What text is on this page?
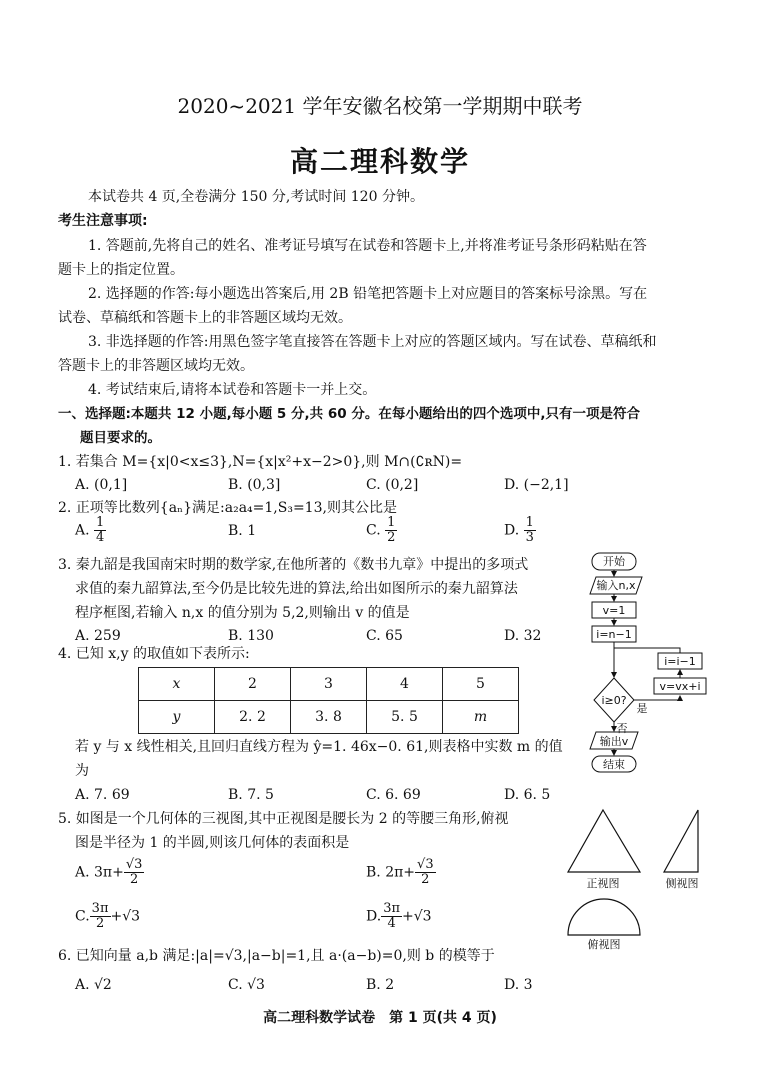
2020~2021 学年安徽名校第一学期期中联考
高二理科数学
本试卷共 4 页,全卷满分 150 分,考试时间 120 分钟。
考生注意事项:
1. 答题前,先将自己的姓名、准考证号填写在试卷和答题卡上,并将准考证号条形码粘贴在答
题卡上的指定位置。
2. 选择题的作答:每小题选出答案后,用 2B 铅笔把答题卡上对应题目的答案标号涂黑。写在
试卷、草稿纸和答题卡上的非答题区域均无效。
3. 非选择题的作答:用黑色签字笔直接答在答题卡上对应的答题区域内。写在试卷、草稿纸和
答题卡上的非答题区域均无效。
4. 考试结束后,请将本试卷和答题卡一并上交。
一、选择题:本题共 12 小题,每小题 5 分,共 60 分。在每小题给出的四个选项中,只有一项是符合
题目要求的。
1. 若集合 M={x|0<x≤3},N={x|x²+x−2>0},则 M∩(∁ʀN)=
A. (0,1]	B. (0,3]	C. (0,2]	D. (−2,1]
2. 正项等比数列{aₙ}满足:a₂a₄=1,S₃=13,则其公比是
A. $\frac{1}{4}$	B. 1	C. $\frac{1}{2}$	D. $\frac{1}{3}$
3. 秦九韶是我国南宋时期的数学家,在他所著的《数书九章》中提出的多项式
求值的秦九韶算法,至今仍是比较先进的算法,给出如图所示的秦九韶算法
程序框图,若输入 n,x 的值分别为 5,2,则输出 v 的值是
A. 259	B. 130	C. 65	D. 32
开始
输入n,x
v=1
i=n−1
i=i−1
v=vx+i
i≥0?
是
否
输出v
结束
4. 已知 x,y 的取值如下表所示:
x	2	3	4	5
y	2. 2	3. 8	5. 5	m
若 y 与 x 线性相关,且回归直线方程为 ŷ=1. 46x−0. 61,则表格中实数 m 的值
为
A. 7. 69	B. 7. 5	C. 6. 69	D. 6. 5
5. 如图是一个几何体的三视图,其中正视图是腰长为 2 的等腰三角形,俯视
图是半径为 1 的半圆,则该几何体的表面积是
A. $3\pi+ \frac{√3}{2}$	B. $2\pi+ \frac{√3}{2}$
C. $\frac{3\pi}{2} +√3$	D. $\frac{3\pi}{4} +√3$
正视图	侧视图
俯视图
6. 已知向量 a,b 满足:|a|=√3,|a−b|=1,且 a·(a−b)=0,则 b 的模等于
A. √2	B. 2
C. √3	D. 3
高二理科数学试卷　第 1 页(共 4 页)
